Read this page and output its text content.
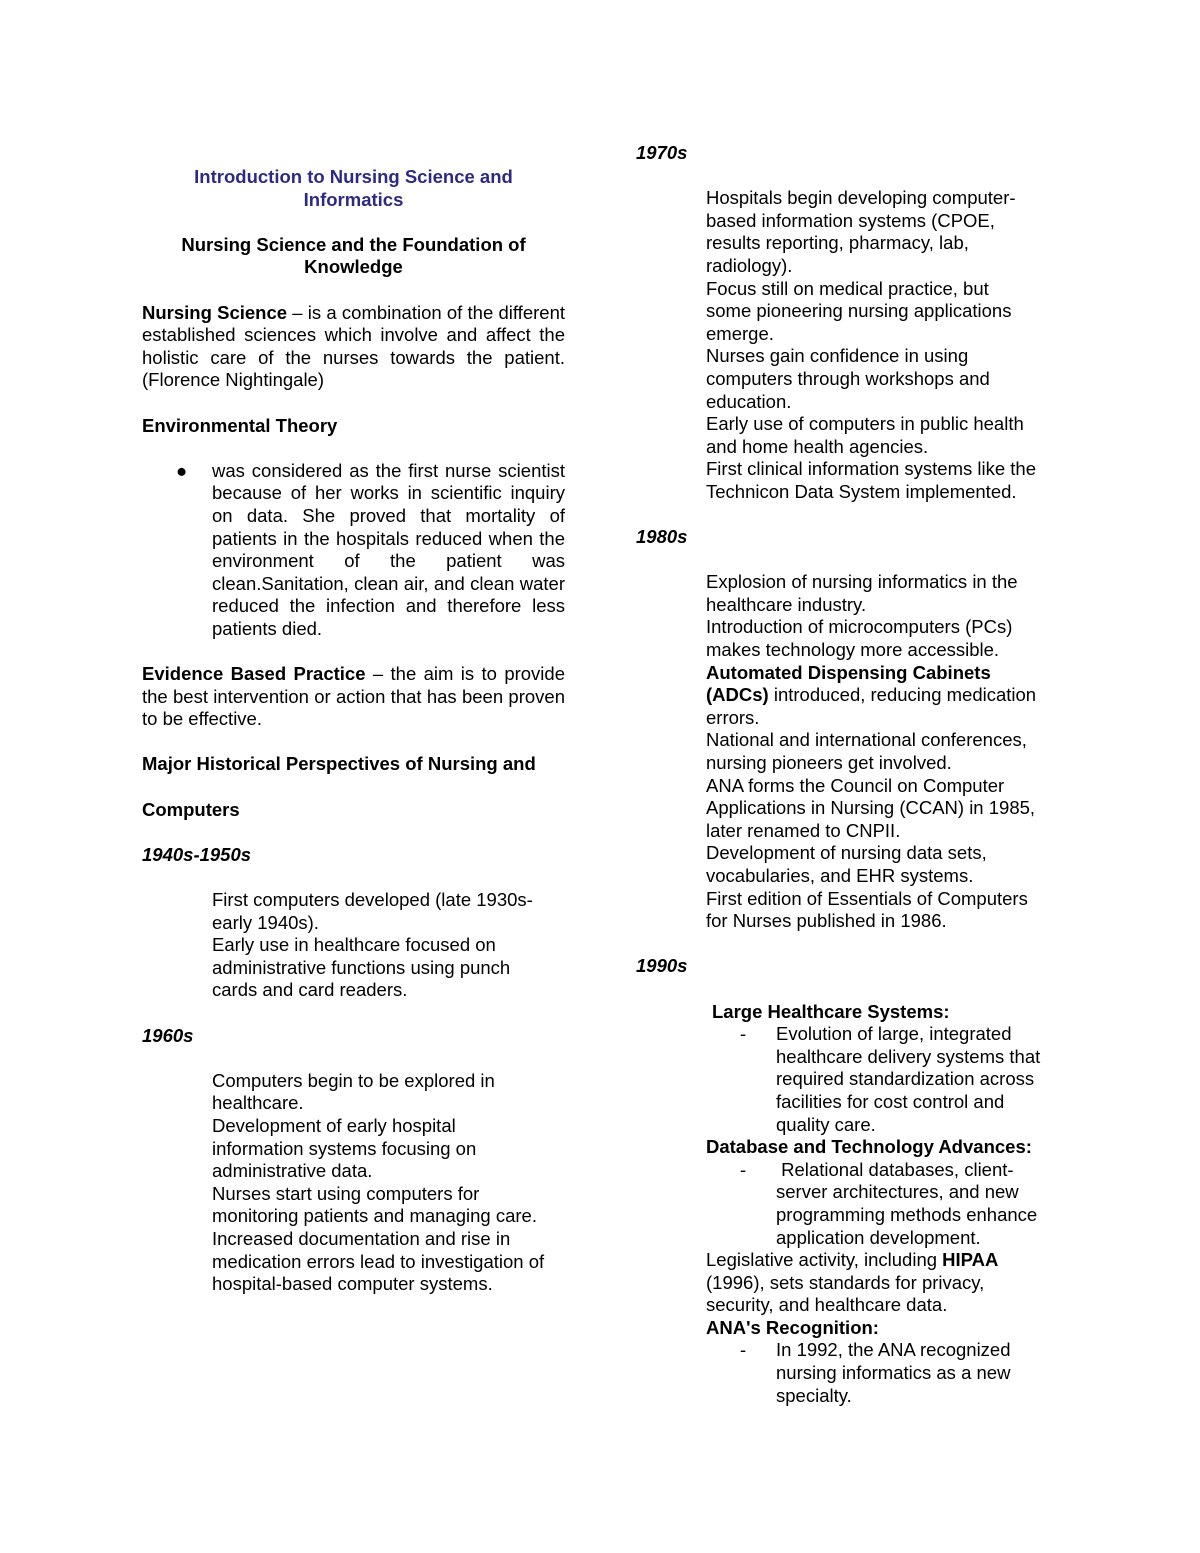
Introduction to Nursing Science and
Informatics

Nursing Science and the Foundation of
Knowledge

Nursing Science – is a combination of the different established sciences which involve and affect the holistic care of the nurses towards the patient. (Florence Nightingale)

Environmental Theory

● was considered as the first nurse scientist because of her works in scientific inquiry on data. She proved that mortality of patients in the hospitals reduced when the environment of the patient was clean.Sanitation, clean air, and clean water reduced the infection and therefore less patients died.

Evidence Based Practice – the aim is to provide the best intervention or action that has been proven to be effective.

Major Historical Perspectives of Nursing and

Computers

1940s-1950s

First computers developed (late 1930s-
early 1940s).
Early use in healthcare focused on
administrative functions using punch
cards and card readers.

1960s

Computers begin to be explored in
healthcare.
Development of early hospital
information systems focusing on
administrative data.
Nurses start using computers for
monitoring patients and managing care.
Increased documentation and rise in
medication errors lead to investigation of
hospital-based computer systems.

1970s

Hospitals begin developing computer-
based information systems (CPOE,
results reporting, pharmacy, lab,
radiology).
Focus still on medical practice, but
some pioneering nursing applications
emerge.
Nurses gain confidence in using
computers through workshops and
education.
Early use of computers in public health
and home health agencies.
First clinical information systems like the
Technicon Data System implemented.

1980s

Explosion of nursing informatics in the
healthcare industry.
Introduction of microcomputers (PCs)
makes technology more accessible.
Automated Dispensing Cabinets
(ADCs) introduced, reducing medication
errors.
National and international conferences,
nursing pioneers get involved.
ANA forms the Council on Computer
Applications in Nursing (CCAN) in 1985,
later renamed to CNPII.
Development of nursing data sets,
vocabularies, and EHR systems.
First edition of Essentials of Computers
for Nurses published in 1986.

1990s

Large Healthcare Systems:
- Evolution of large, integrated
healthcare delivery systems that
required standardization across
facilities for cost control and
quality care.
Database and Technology Advances:
- Relational databases, client-
server architectures, and new
programming methods enhance
application development.
Legislative activity, including HIPAA
(1996), sets standards for privacy,
security, and healthcare data.
ANA's Recognition:
- In 1992, the ANA recognized
nursing informatics as a new
specialty.
